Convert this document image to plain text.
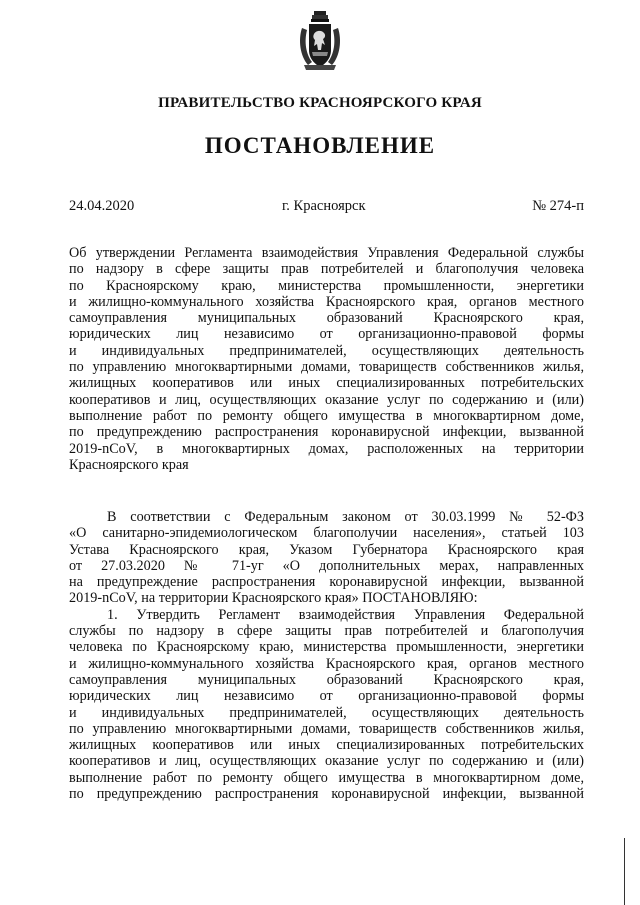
ПРАВИТЕЛЬСТВО КРАСНОЯРСКОГО КРАЯ
ПОСТАНОВЛЕНИЕ
24.04.2020	г. Красноярск	№ 274-п
Об утверждении Регламента взаимодействия Управления Федеральной службы
по надзору в сфере защиты прав потребителей и благополучия человека
по Красноярскому краю, министерства промышленности, энергетики
и жилищно-коммунального хозяйства Красноярского края, органов местного
самоуправления муниципальных образований Красноярского края,
юридических лиц независимо от организационно-правовой формы
и индивидуальных предпринимателей, осуществляющих деятельность
по управлению многоквартирными домами, товариществ собственников жилья,
жилищных кооперативов или иных специализированных потребительских
кооперативов и лиц, осуществляющих оказание услуг по содержанию и (или)
выполнение работ по ремонту общего имущества в многоквартирном доме,
по предупреждению распространения коронавирусной инфекции, вызванной
2019-nCoV, в многоквартирных домах, расположенных на территории
Красноярского края
В соответствии с Федеральным законом от 30.03.1999 № 52-ФЗ
«О санитарно-эпидемиологическом благополучии населения», статьей 103
Устава Красноярского края, Указом Губернатора Красноярского края
от 27.03.2020 № 71-уг «О дополнительных мерах, направленных
на предупреждение распространения коронавирусной инфекции, вызванной
2019-nCoV, на территории Красноярского края» ПОСТАНОВЛЯЮ:
1. Утвердить Регламент взаимодействия Управления Федеральной
службы по надзору в сфере защиты прав потребителей и благополучия
человека по Красноярскому краю, министерства промышленности, энергетики
и жилищно-коммунального хозяйства Красноярского края, органов местного
самоуправления муниципальных образований Красноярского края,
юридических лиц независимо от организационно-правовой формы
и индивидуальных предпринимателей, осуществляющих деятельность
по управлению многоквартирными домами, товариществ собственников жилья,
жилищных кооперативов или иных специализированных потребительских
кооперативов и лиц, осуществляющих оказание услуг по содержанию и (или)
выполнение работ по ремонту общего имущества в многоквартирном доме,
по предупреждению распространения коронавирусной инфекции, вызванной
